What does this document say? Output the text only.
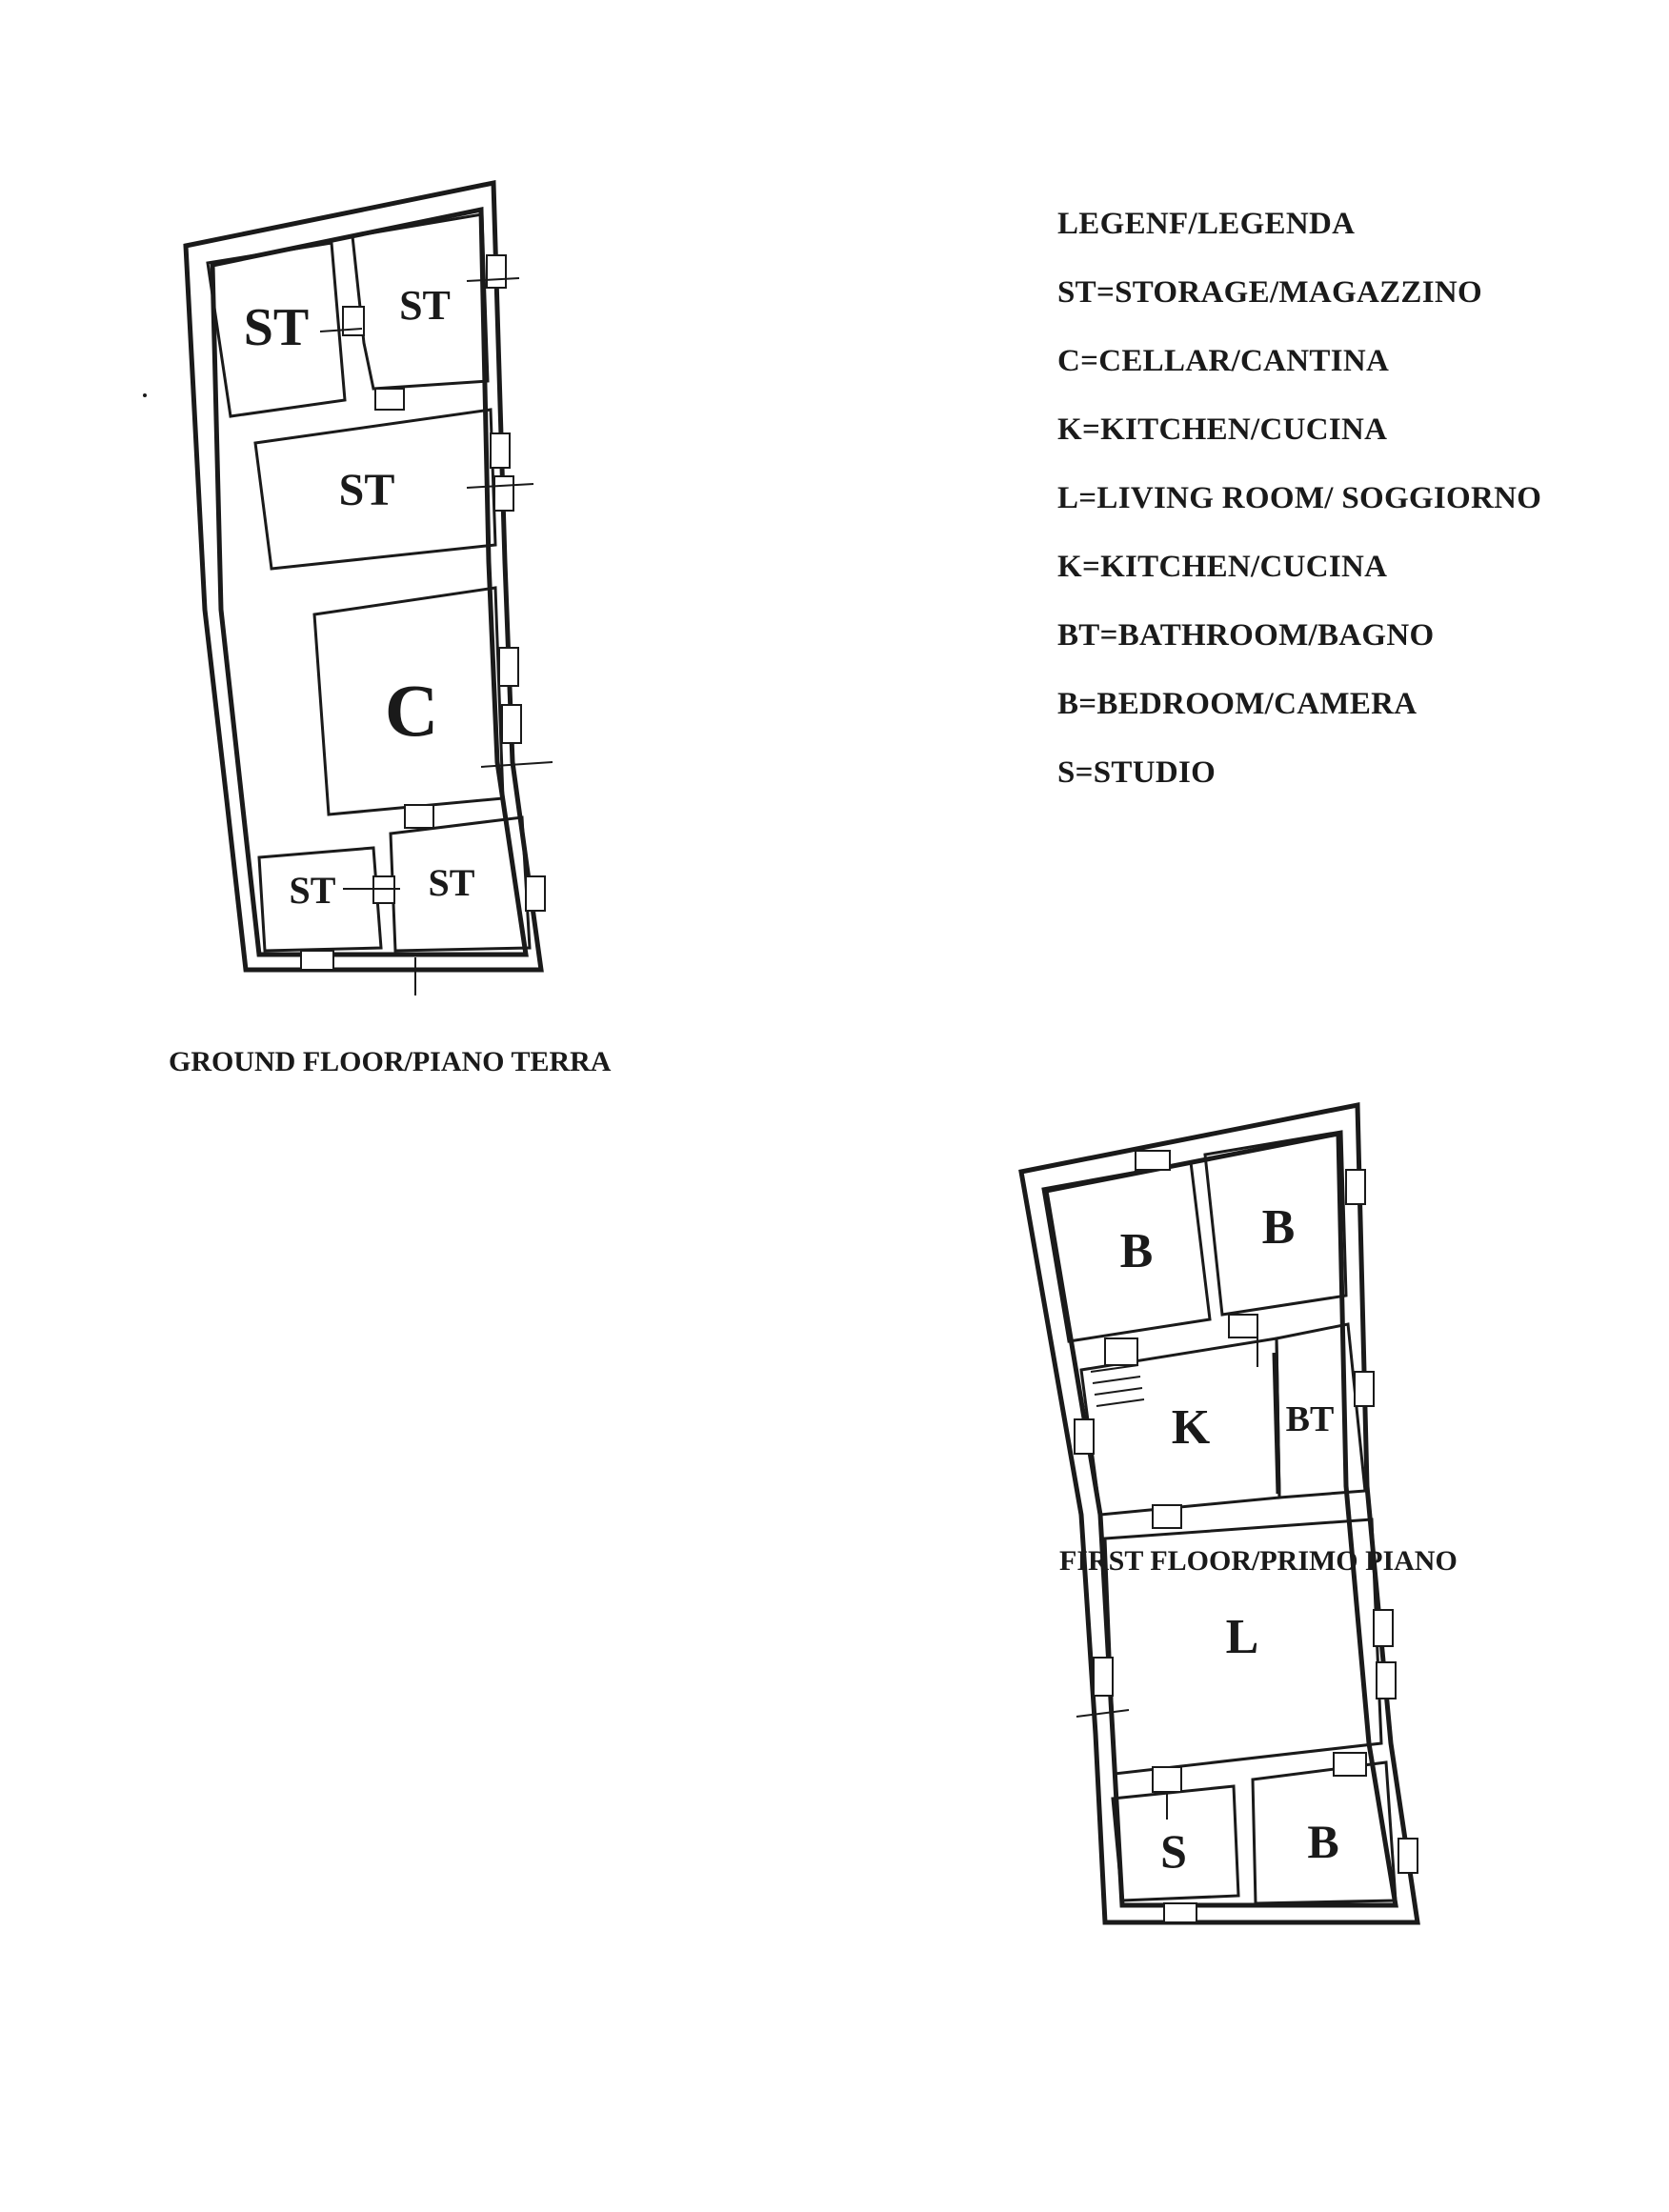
ST ST
ST
C
ST ST
B B
K BT
L
S	B
LEGENF/LEGENDA
ST=STORAGE/MAGAZZINO
C=CELLAR/CANTINA
K=KITCHEN/CUCINA
L=LIVING ROOM/ SOGGIORNO
K=KITCHEN/CUCINA
BT=BATHROOM/BAGNO
B=BEDROOM/CAMERA
S=STUDIO

GROUND FLOOR/PIANO TERRA

FIRST FLOOR/PRIMO PIANO
